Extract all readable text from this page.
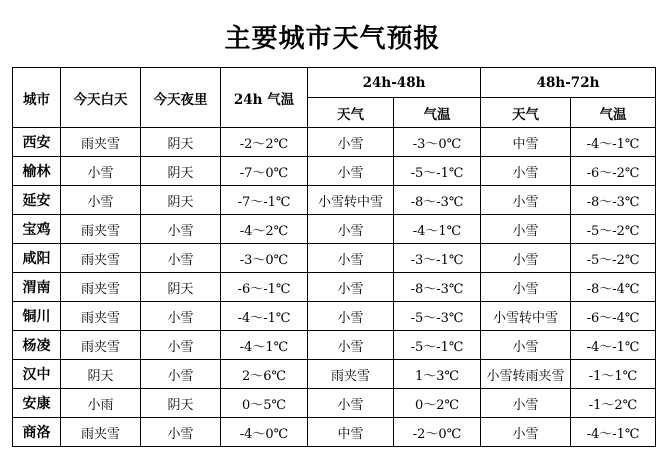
主要城市天气预报
城市	今天白天	今天夜里	24h 气温	24h-48h		48h-72h	
				天气	气温	天气	气温
西安	雨夹雪	阴天	-2～2℃	小雪	-3～0℃	中雪	-4～-1℃
榆林	小雪	阴天	-7～0℃	小雪	-5～-1℃	小雪	-6～-2℃
延安	小雪	阴天	-7～-1℃	小雪转中雪	-8～-3℃	小雪	-8～-3℃
宝鸡	雨夹雪	小雪	-4～2℃	小雪	-4～1℃	小雪	-5～-2℃
咸阳	雨夹雪	小雪	-3～0℃	小雪	-3～-1℃	小雪	-5～-2℃
渭南	雨夹雪	阴天	-6～-1℃	小雪	-8～-3℃	小雪	-8～-4℃
铜川	雨夹雪	小雪	-4～-1℃	小雪	-5～-3℃	小雪转中雪	-6～-4℃
杨凌	雨夹雪	小雪	-4～1℃	小雪	-5～-1℃	小雪	-4～-1℃
汉中	阴天	小雪	2～6℃	雨夹雪	1～3℃	小雪转雨夹雪	-1～1℃
安康	小雨	阴天	0～5℃	小雪	0～2℃	小雪	-1～2℃
商洛	雨夹雪	小雪	-4～0℃	中雪	-2～0℃	小雪	-4～-1℃
